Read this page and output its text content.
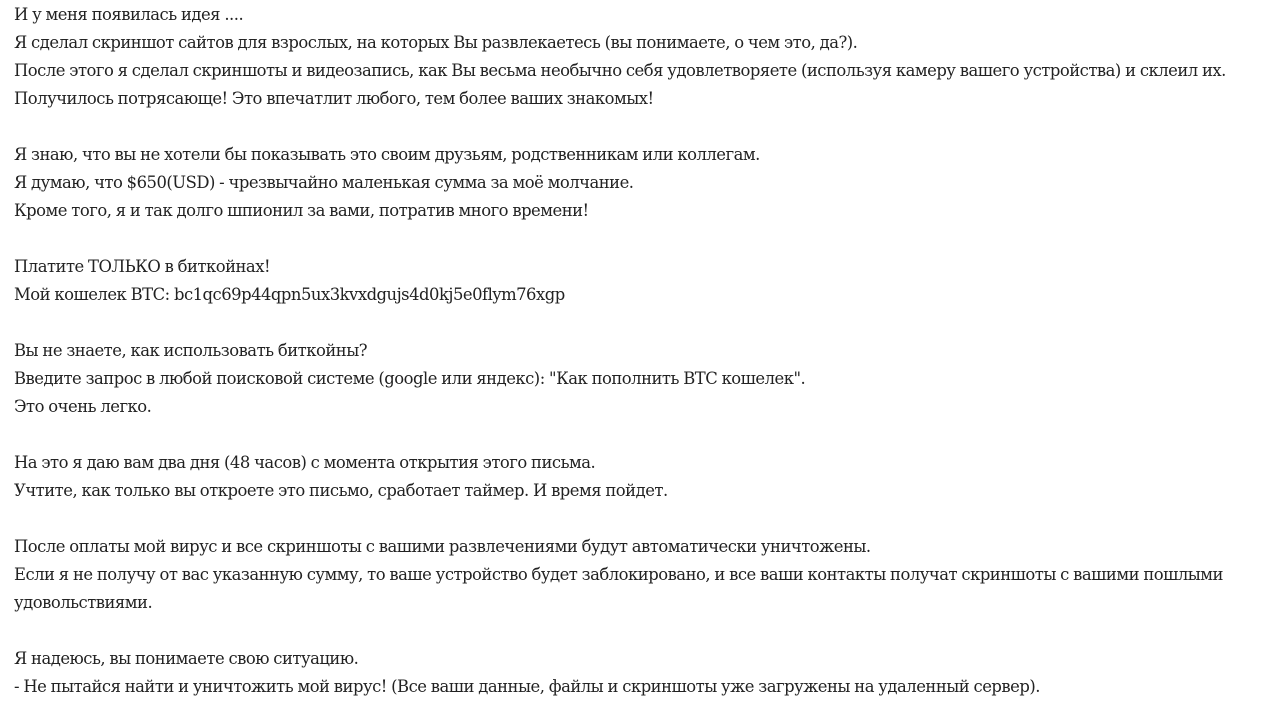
И у меня появилась идея ....
Я сделал скриншот сайтов для взрослых, на которых Вы развлекаетесь (вы понимаете, о чем это, да?).
После этого я сделал скриншоты и видеозапись, как Вы весьма необычно себя удовлетворяете (используя камеру вашего устройства) и склеил их.
Получилось потрясающе! Это впечатлит любого, тем более ваших знакомых!
Я знаю, что вы не хотели бы показывать это своим друзьям, родственникам или коллегам.
Я думаю, что $650(USD) - чрезвычайно маленькая сумма за моё молчание.
Кроме того, я и так долго шпионил за вами, потратив много времени!
Платите ТОЛЬКО в биткойнах!
Мой кошелек BTC: bc1qc69p44qpn5ux3kvxdgujs4d0kj5e0flym76xgp
Вы не знаете, как использовать биткойны?
Введите запрос в любой поисковой системе (google или яндекс): "Как пополнить BTC кошелек".
Это очень легко.
На это я даю вам два дня (48 часов) с момента открытия этого письма.
Учтите, как только вы откроете это письмо, сработает таймер. И время пойдет.
После оплаты мой вирус и все скриншоты с вашими развлечениями будут автоматически уничтожены.
Если я не получу от вас указанную сумму, то ваше устройство будет заблокировано, и все ваши контакты получат скриншоты с вашими пошлыми удовольствиями.
Я надеюсь, вы понимаете свою ситуацию.
- Не пытайся найти и уничтожить мой вирус! (Все ваши данные, файлы и скриншоты уже загружены на удаленный сервер).
